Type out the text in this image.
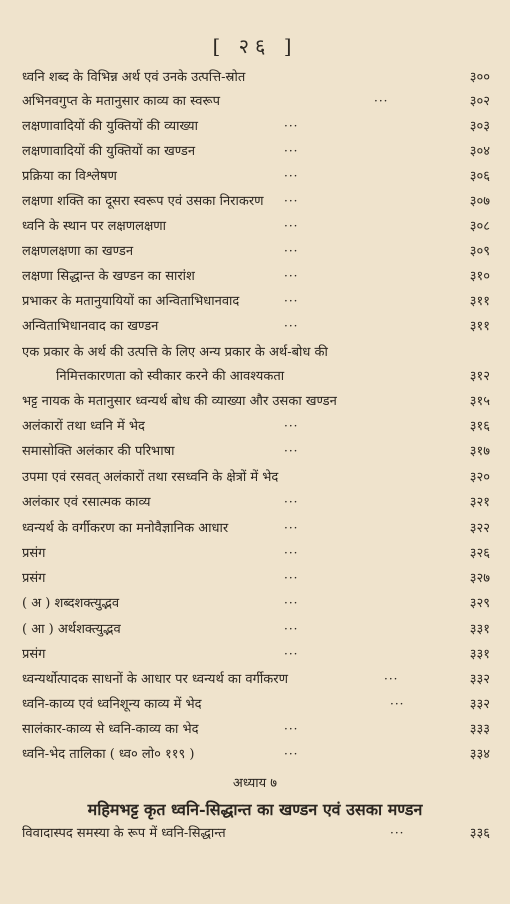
[ २६ ]
ध्वनि शब्द के विभिन्न अर्थ एवं उनके उत्पत्ति-स्रोत	३००
अभिनवगुप्त के मतानुसार काव्य का स्वरूप	···	३०२
लक्षणावादियों की युक्तियों की व्याख्या	···	३०३
लक्षणावादियों की युक्तियों का खण्डन	···	३०४
प्रक्रिया का विश्लेषण	···	३०६
लक्षणा शक्ति का दूसरा स्वरूप एवं उसका निराकरण ···	३०७
ध्वनि के स्थान पर लक्षणलक्षणा	···	३०८
लक्षणलक्षणा का खण्डन	···	३०९
लक्षणा सिद्धान्त के खण्डन का सारांश	···	३१०
प्रभाकर के मतानुयायियों का अन्विताभिधानवाद	···	३११
अन्विताभिधानवाद का खण्डन	···	३११
एक प्रकार के अर्थ की उत्पत्ति के लिए अन्य प्रकार के अर्थ-बोध की
निमित्तकारणता को स्वीकार करने की आवश्यकता	३१२
भट्ट नायक के मतानुसार ध्वन्यर्थ बोध की व्याख्या और उसका खण्डन	३१५
अलंकारों तथा ध्वनि में भेद	···	३१६
समासोक्ति अलंकार की परिभाषा	···	३१७
उपमा एवं रसवत् अलंकारों तथा रसध्वनि के क्षेत्रों में भेद	३२०
अलंकार एवं रसात्मक काव्य	···	३२१
ध्वन्यर्थ के वर्गीकरण का मनोवैज्ञानिक आधार	···	३२२
प्रसंग	···	३२६
प्रसंग	···	३२७
( अ ) शब्दशक्त्युद्भव	···	३२९
( आ ) अर्थशक्त्युद्भव	···	३३१
प्रसंग	···	३३१
ध्वन्यर्थोत्पादक साधनों के आधार पर ध्वन्यर्थ का वर्गीकरण	···	३३२
ध्वनि-काव्य एवं ध्वनिशून्य काव्य में भेद	···	३३२
सालंकार-काव्य से ध्वनि-काव्य का भेद	···	३३३
ध्वनि-भेद तालिका ( ध्व० लो० ११९ )	···	३३४
अध्याय ७
महिमभट्ट कृत ध्वनि-सिद्धान्त का खण्डन एवं उसका मण्डन
विवादास्पद समस्या के रूप में ध्वनि-सिद्धान्त	···	३३६
